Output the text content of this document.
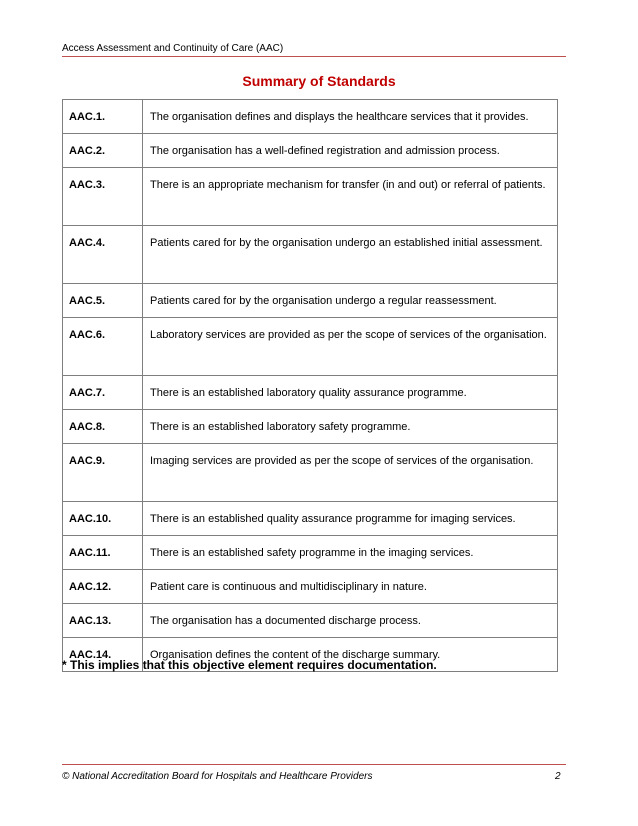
Access Assessment and Continuity of Care (AAC)
Summary of Standards
AAC.1.	The organisation defines and displays the healthcare services that it provides.

AAC.2.	The organisation has a well-defined registration and admission process.

AAC.3.	There is an appropriate mechanism for transfer (in and out) or referral of patients.

AAC.4.	Patients cared for by the organisation undergo an established initial assessment.

AAC.5.	Patients cared for by the organisation undergo a regular reassessment.

AAC.6.	Laboratory services are provided as per the scope of services of the organisation.

AAC.7.	There is an established laboratory quality assurance programme.

AAC.8.	There is an established laboratory safety programme.

AAC.9.	Imaging services are provided as per the scope of services of the organisation.

AAC.10.	There is an established quality assurance programme for imaging services.

AAC.11.	There is an established safety programme in the imaging services.

AAC.12.	Patient care is continuous and multidisciplinary in nature.

AAC.13.	The organisation has a documented discharge process.

AAC.14.	Organisation defines the content of the discharge summary.
* This implies that this objective element requires documentation.
© National Accreditation Board for Hospitals and Healthcare Providers	2
